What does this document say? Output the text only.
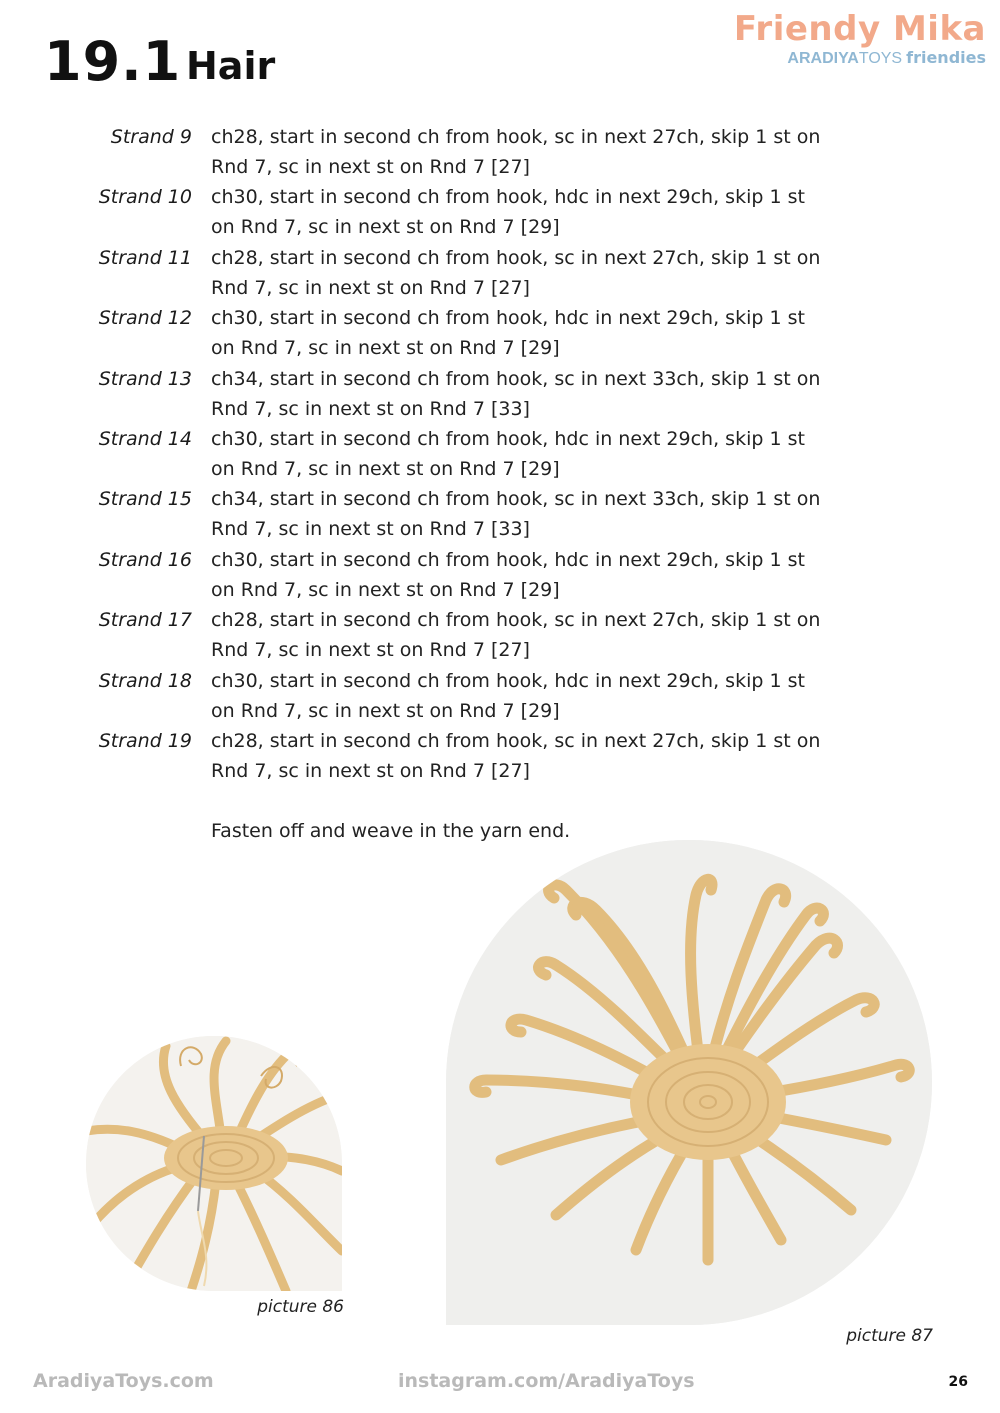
19.1 Hair
Friendy Mika
ARADIYATOYS friendies
Strand 9 ch28, start in second ch from hook, sc in next 27ch, skip 1 st on Rnd 7, sc in next st on Rnd 7 [27]
Strand 10 ch30, start in second ch from hook, hdc in next 29ch, skip 1 st on Rnd 7, sc in next st on Rnd 7 [29]
Strand 11 ch28, start in second ch from hook, sc in next 27ch, skip 1 st on Rnd 7, sc in next st on Rnd 7 [27]
Strand 12 ch30, start in second ch from hook, hdc in next 29ch, skip 1 st on Rnd 7, sc in next st on Rnd 7 [29]
Strand 13 ch34, start in second ch from hook, sc in next 33ch, skip 1 st on Rnd 7, sc in next st on Rnd 7 [33]
Strand 14 ch30, start in second ch from hook, hdc in next 29ch, skip 1 st on Rnd 7, sc in next st on Rnd 7 [29]
Strand 15 ch34, start in second ch from hook, sc in next 33ch, skip 1 st on Rnd 7, sc in next st on Rnd 7 [33]
Strand 16 ch30, start in second ch from hook, hdc in next 29ch, skip 1 st on Rnd 7, sc in next st on Rnd 7 [29]
Strand 17 ch28, start in second ch from hook, sc in next 27ch, skip 1 st on Rnd 7, sc in next st on Rnd 7 [27]
Strand 18 ch30, start in second ch from hook, hdc in next 29ch, skip 1 st on Rnd 7, sc in next st on Rnd 7 [29]
Strand 19 ch28, start in second ch from hook, sc in next 27ch, skip 1 st on Rnd 7, sc in next st on Rnd 7 [27]
Fasten off and weave in the yarn end.
picture 86
picture 87
AradiyaToys.com	instagram.com/AradiyaToys	26
